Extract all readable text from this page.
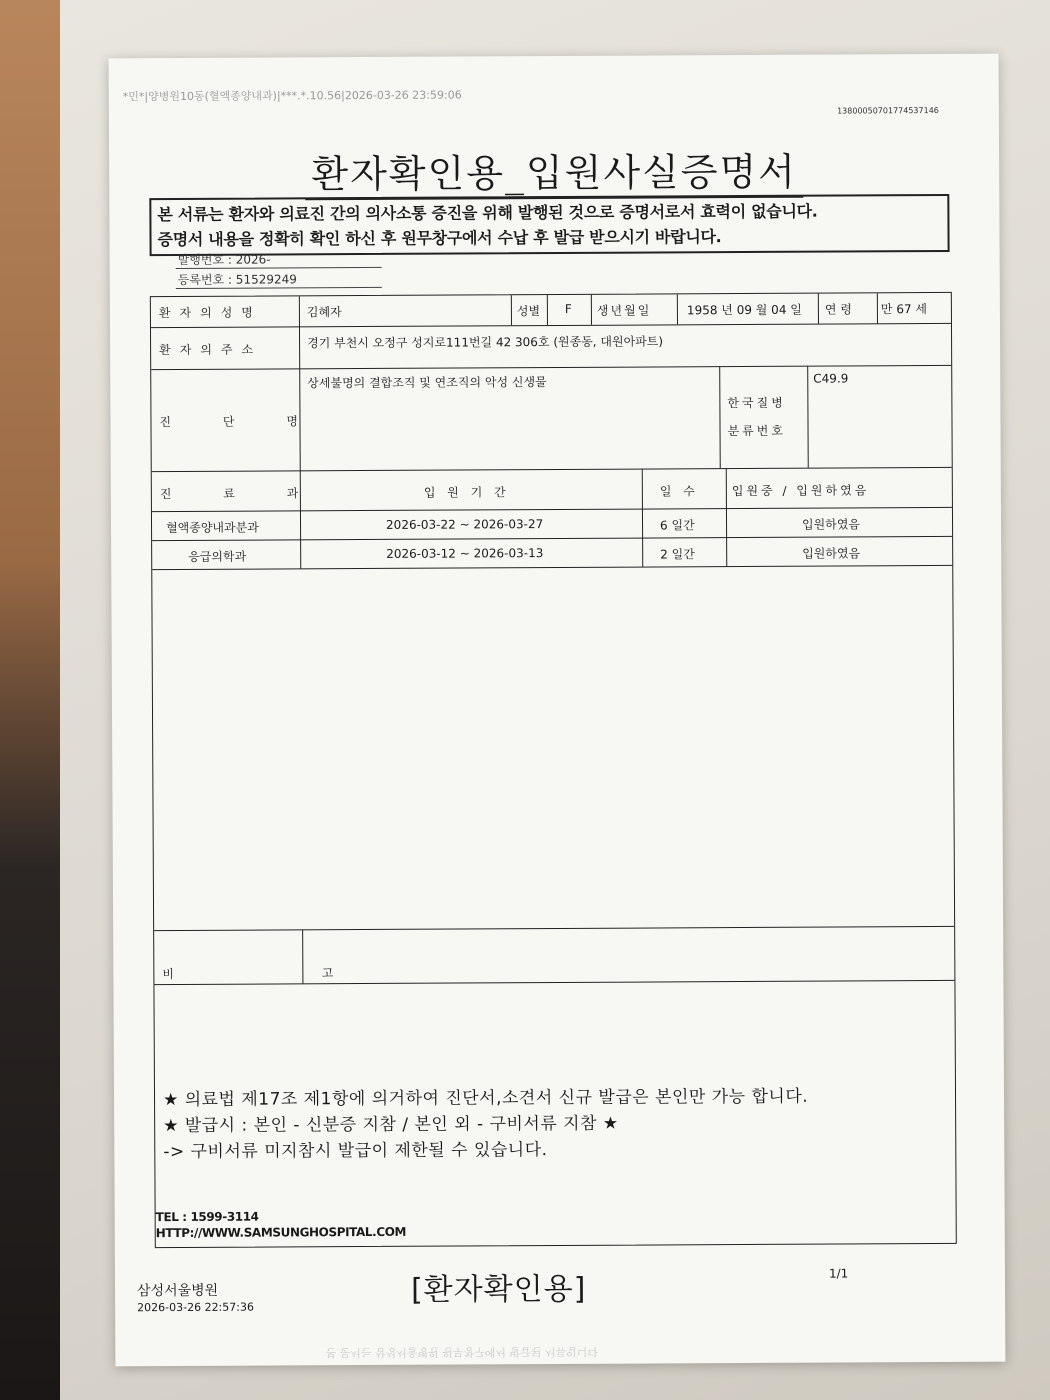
*민*|양병원10동(혈액종양내과)|***.*.10.56|2026-03-26 23:59:06
13800050701774537146
환자확인용_입원사실증명서
본 서류는 환자와 의료진 간의 의사소통 증진을 위해 발행된 것으로 증명서로서 효력이 없습니다.
증명서 내용을 정확히 확인 하신 후 원무창구에서 수납 후 발급 받으시기 바랍니다.
발행번호 : 2026-
등록번호 : 51529249
환자의성명	김혜자	성별 F 생년월일	1958 년 09 월 04 일 연 령 만 67 세
환자의주소	경기 부천시 오정구 성지로111번길 42 306호 (원종동, 대원아파트)
진 단 명
상세불명의 결합조직 및 연조직의 악성 신생물
한국질병
분류번호
C49.9
진 료 과	입 원 기 간	일 수	입원중 / 입원하였음
혈액종양내과분과	2026-03-22 ~ 2026-03-27	6 일간	입원하였음
응급의학과	2026-03-12 ~ 2026-03-13	2 일간	입원하였음
비 고
★ 의료법 제17조 제1항에 의거하여 진단서,소견서 신규 발급은 본인만 가능 합니다.
★ 발급시 : 본인 - 신분증 지참 / 본인 외 - 구비서류 지참 ★
-> 구비서류 미지참시 발급이 제한될 수 있습니다.
TEL : 1599-3114
HTTP://WWW.SAMSUNGHOSPITAL.COM
삼성서울병원
2026-03-26 22:57:36	[환자확인용]	1/1
본 문서는 삼성서울병원 원무창구에서 발급된 서류입니다
